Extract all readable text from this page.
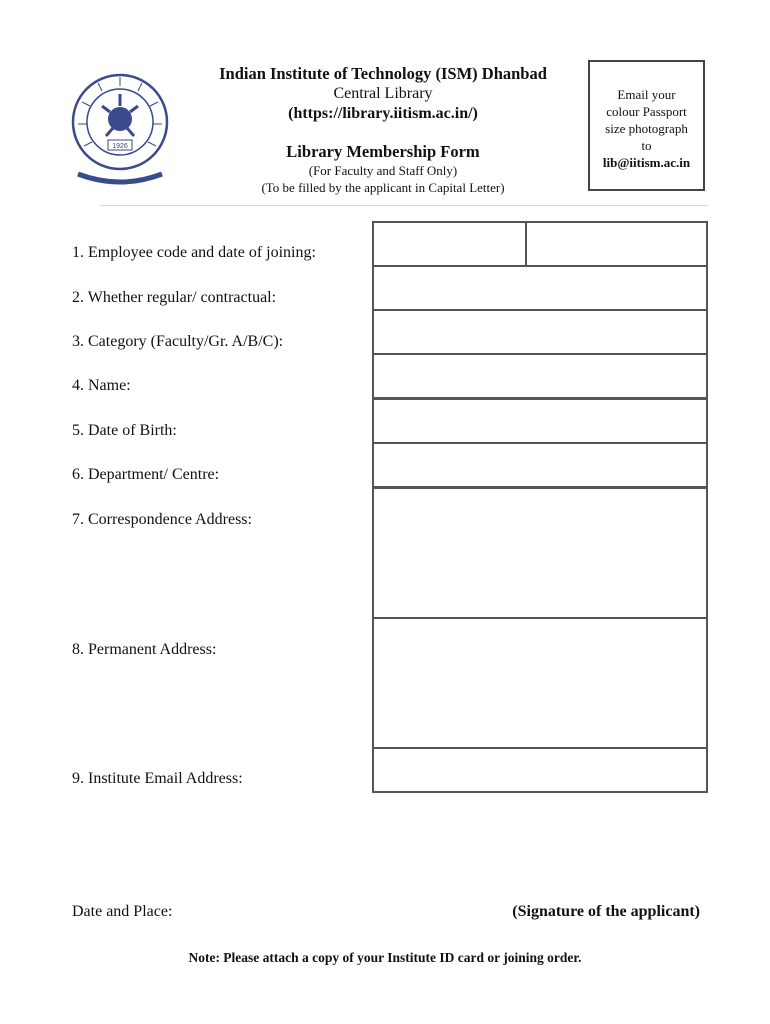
1926
Indian Institute of Technology (ISM) Dhanbad
Central Library
(https://library.iitism.ac.in/)
Library Membership Form
(For Faculty and Staff Only)
(To be filled by the applicant in Capital Letter)
Email your
colour Passport
size photograph
to
lib@iitism.ac.in
1. Employee code and date of joining:
2. Whether regular/ contractual:
3. Category (Faculty/Gr. A/B/C):
4. Name:
5. Date of Birth:
6. Department/ Centre:
7. Correspondence Address:
8. Permanent Address:
9. Institute Email Address:
Date and Place:	(Signature of the applicant)
Note: Please attach a copy of your Institute ID card or joining order.
